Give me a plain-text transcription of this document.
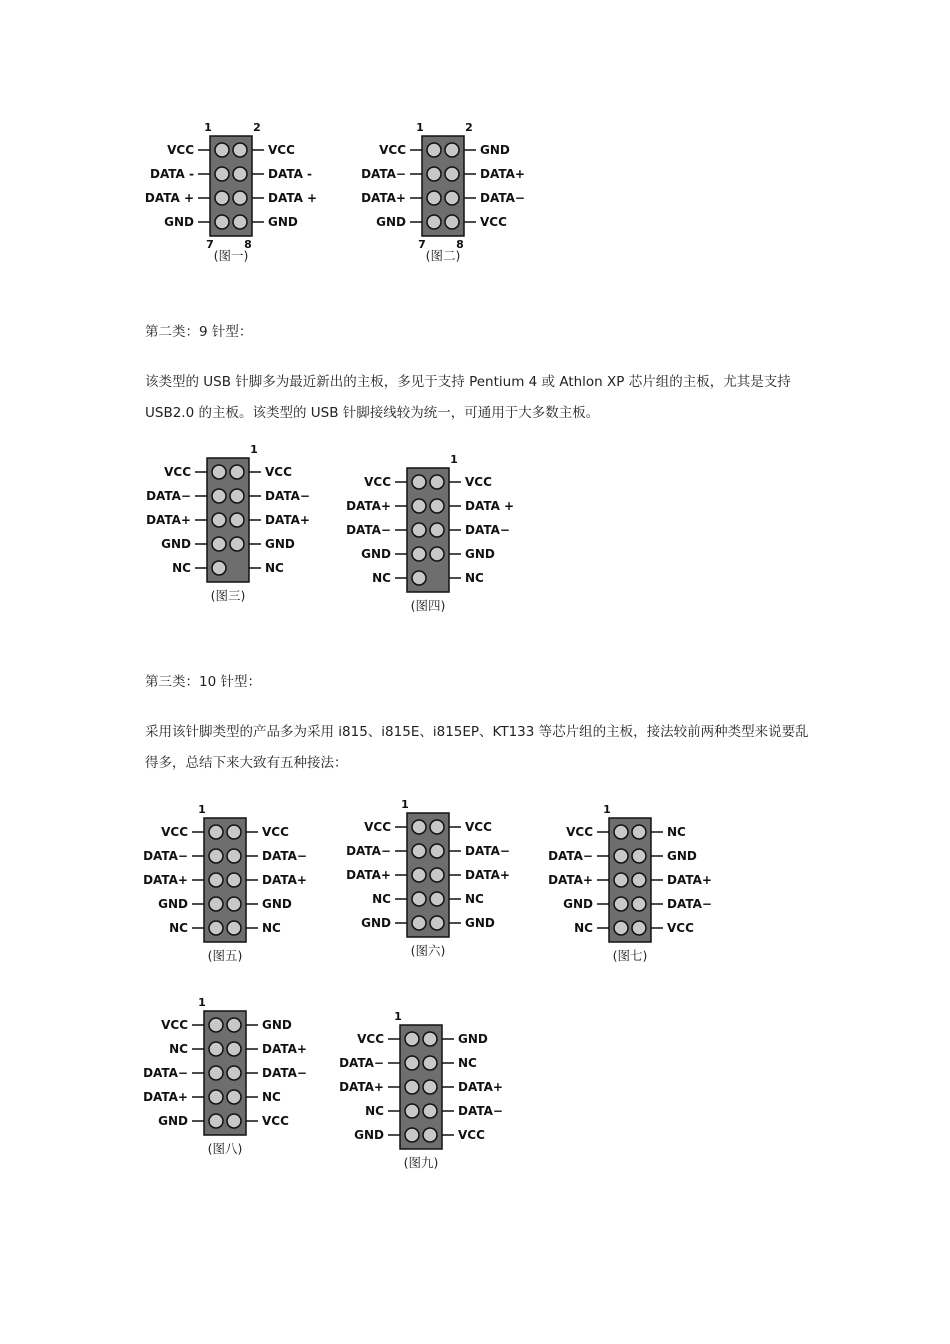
VCC	VCC
DATA -	DATA -
DATA +	DATA +
GND	GND
1	2
7	8
(图一)
VCC	GND
DATA−	DATA+
DATA+	DATA−
GND	VCC
1	2
7	8
(图二)

第二类：9 针型：

该类型的 USB 针脚多为最近新出的主板，多见于支持 Pentium 4 或 Athlon XP 芯片组的主板，尤其是支持 USB2.0 的主板。该类型的 USB 针脚接线较为统一，可通用于大多数主板。

VCC	VCC
DATA−	DATA−
DATA+	DATA+
GND	GND
NC	NC
1
(图三)
VCC	VCC
DATA+	DATA +
DATA−	DATA−
GND	GND
NC	NC
1
(图四)

第三类：10 针型：

采用该针脚类型的产品多为采用 i815、i815E、i815EP、KT133 等芯片组的主板，接法较前两种类型来说要乱得多，总结下来大致有五种接法：

VCC	VCC
DATA−	DATA−
DATA+	DATA+
GND	GND
NC	NC
1
(图五)
VCC	VCC
DATA−	DATA−
DATA+	DATA+
NC	NC
GND	GND
1
(图六)
VCC	NC
DATA−	GND
DATA+	DATA+
GND	DATA−
NC	VCC
1
(图七)
VCC	GND
NC	DATA+
DATA−	DATA−
DATA+	NC
GND	VCC
1
(图八)
VCC	GND
DATA−	NC
DATA+	DATA+
NC	DATA−
GND	VCC
1
(图九)
